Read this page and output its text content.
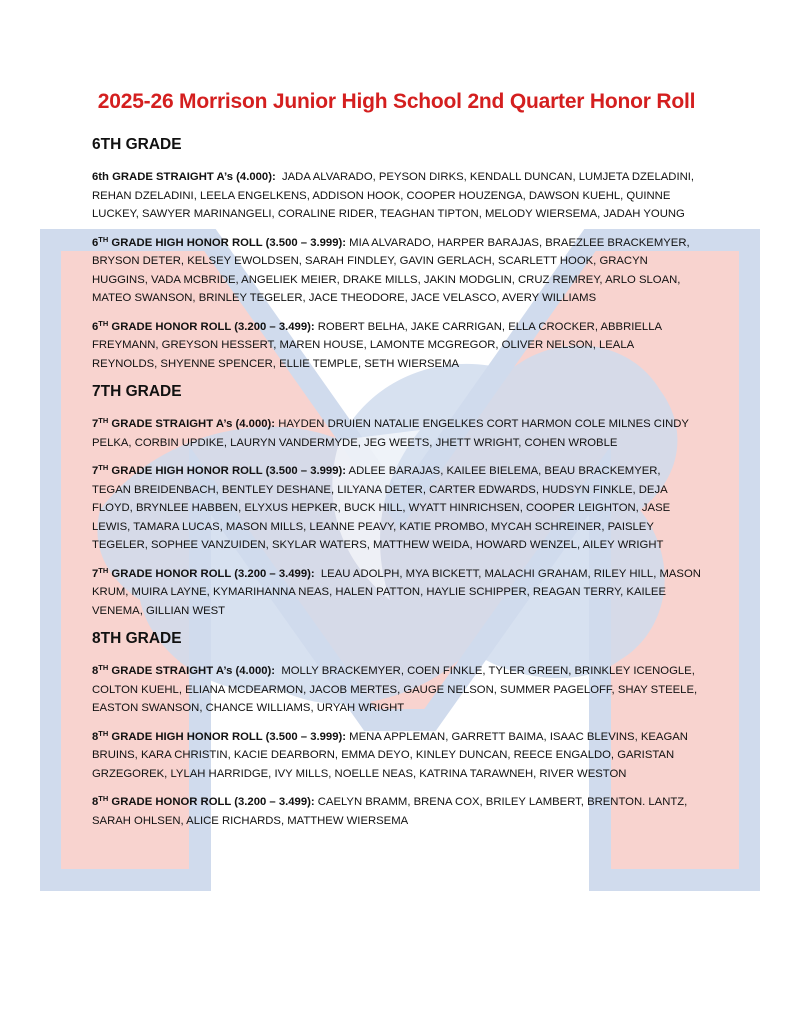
2025-26 Morrison Junior High School 2nd Quarter Honor Roll
6TH GRADE

6th GRADE STRAIGHT A’s (4.000):  JADA ALVARADO, PEYSON DIRKS, KENDALL DUNCAN, LUMJETA DZELADINI, REHAN DZELADINI, LEELA ENGELKENS, ADDISON HOOK, COOPER HOUZENGA, DAWSON KUEHL, QUINNE LUCKEY, SAWYER MARINANGELI, CORALINE RIDER, TEAGHAN TIPTON, MELODY WIERSEMA, JADAH YOUNG

6TH GRADE HIGH HONOR ROLL (3.500 – 3.999): MIA ALVARADO, HARPER BARAJAS, BRAEZLEE BRACKEMYER, BRYSON DETER, KELSEY EWOLDSEN, SARAH FINDLEY, GAVIN GERLACH, SCARLETT HOOK, GRACYN HUGGINS, VADA MCBRIDE, ANGELIEK MEIER, DRAKE MILLS, JAKIN MODGLIN, CRUZ REMREY, ARLO SLOAN, MATEO SWANSON, BRINLEY TEGELER, JACE THEODORE, JACE VELASCO, AVERY WILLIAMS

6TH GRADE HONOR ROLL (3.200 – 3.499): ROBERT BELHA, JAKE CARRIGAN, ELLA CROCKER, ABBRIELLA FREYMANN, GREYSON HESSERT, MAREN HOUSE, LAMONTE MCGREGOR, OLIVER NELSON, LEALA REYNOLDS, SHYENNE SPENCER, ELLIE TEMPLE, SETH WIERSEMA

7TH GRADE

7TH GRADE STRAIGHT A’s (4.000): HAYDEN DRUIEN NATALIE ENGELKES CORT HARMON COLE MILNES CINDY PELKA, CORBIN UPDIKE, LAURYN VANDERMYDE, JEG WEETS, JHETT WRIGHT, COHEN WROBLE

7TH GRADE HIGH HONOR ROLL (3.500 – 3.999): ADLEE BARAJAS, KAILEE BIELEMA, BEAU BRACKEMYER, TEGAN BREIDENBACH, BENTLEY DESHANE, LILYANA DETER, CARTER EDWARDS, HUDSYN FINKLE, DEJA FLOYD, BRYNLEE HABBEN, ELYXUS HEPKER, BUCK HILL, WYATT HINRICHSEN, COOPER LEIGHTON, JASE LEWIS, TAMARA LUCAS, MASON MILLS, LEANNE PEAVY, KATIE PROMBO, MYCAH SCHREINER, PAISLEY TEGELER, SOPHEE VANZUIDEN, SKYLAR WATERS, MATTHEW WEIDA, HOWARD WENZEL, AILEY WRIGHT

7TH GRADE HONOR ROLL (3.200 – 3.499):  LEAU ADOLPH, MYA BICKETT, MALACHI GRAHAM, RILEY HILL, MASON KRUM, MUIRA LAYNE, KYMARIHANNA NEAS, HALEN PATTON, HAYLIE SCHIPPER, REAGAN TERRY, KAILEE VENEMA, GILLIAN WEST

8TH GRADE

8TH GRADE STRAIGHT A’s (4.000):  MOLLY BRACKEMYER, COEN FINKLE, TYLER GREEN, BRINKLEY ICENOGLE, COLTON KUEHL, ELIANA MCDEARMON, JACOB MERTES, GAUGE NELSON, SUMMER PAGELOFF, SHAY STEELE, EASTON SWANSON, CHANCE WILLIAMS, URYAH WRIGHT

8TH GRADE HIGH HONOR ROLL (3.500 – 3.999): MENA APPLEMAN, GARRETT BAIMA, ISAAC BLEVINS, KEAGAN BRUINS, KARA CHRISTIN, KACIE DEARBORN, EMMA DEYO, KINLEY DUNCAN, REECE ENGALDO, GARISTAN GRZEGOREK, LYLAH HARRIDGE, IVY MILLS, NOELLE NEAS, KATRINA TARAWNEH, RIVER WESTON

8TH GRADE HONOR ROLL (3.200 – 3.499): CAELYN BRAMM, BRENA COX, BRILEY LAMBERT, BRENTON. LANTZ, SARAH OHLSEN, ALICE RICHARDS, MATTHEW WIERSEMA
